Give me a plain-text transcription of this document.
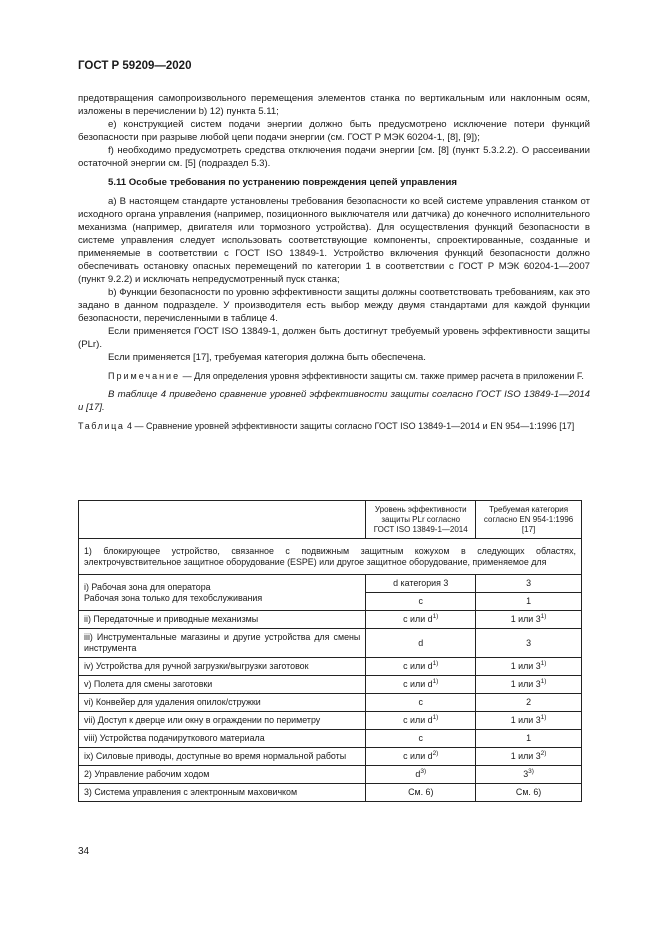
ГОСТ Р 59209—2020

предотвращения самопроизвольного перемещения элементов станка по вертикальным или наклонным осям, изложены в перечислении b) 12) пункта 5.11;

e) конструкцией систем подачи энергии должно быть предусмотрено исключение потери функций безопасности при разрыве любой цепи подачи энергии (см. ГОСТ Р МЭК 60204-1, [8], [9]);

f) необходимо предусмотреть средства отключения подачи энергии [см. [8] (пункт 5.3.2.2). О рассеивании остаточной энергии см. [5] (подраздел 5.3).

5.11 Особые требования по устранению повреждения цепей управления

а) В настоящем стандарте установлены требования безопасности ко всей системе управления станком от исходного органа управления (например, позиционного выключателя или датчика) до конечного исполнительного механизма (например, двигателя или тормозного устройства). Для осуществления функций безопасности в системе управления следует использовать соответствующие компоненты, спроектированные, созданные и применяемые в соответствии с ГОСТ ISO 13849-1. Устройство включения функций безопасности должно обеспечивать остановку опасных перемещений по категории 1 в соответствии с ГОСТ Р МЭК 60204-1—2007 (пункт 9.2.2) и исключать непредусмотренный пуск станка;

b) Функции безопасности по уровню эффективности защиты должны соответствовать требованиям, как это задано в данном подразделе. У производителя есть выбор между двумя стандартами для каждой функции безопасности, перечисленными в таблице 4.

Если применяется ГОСТ ISO 13849-1, должен быть достигнут требуемый уровень эффективности защиты (PLr).

Если применяется [17], требуемая категория должна быть обеспечена.

Примечание — Для определения уровня эффективности защиты см. также пример расчета в приложении F.

В таблице 4 приведено сравнение уровней эффективности защиты согласно ГОСТ ISO 13849-1—2014 и [17].

Таблица 4 — Сравнение уровней эффективности защиты согласно ГОСТ ISO 13849-1—2014 и EN 954—1:1996 [17]

	Уровень эффективности защиты PLr согласно ГОСТ ISO 13849-1—2014	Требуемая категория согласно EN 954-1:1996 [17]
1) блокирующее устройство, связанное с подвижным защитным кожухом в следующих областях, электрочувствительное защитное оборудование (ESPE) или другое защитное оборудование, применяемое для		

i) Рабочая зона для оператора
Рабочая зона только для техобслуживания	d категория 3	3
	c	1
ii) Передаточные и приводные механизмы	c или $d^{1)}$	1 или 3$^{1)}$
iii) Инструментальные магазины и другие устройства для смены инструмента	d	3
iv) Устройства для ручной загрузки/выгрузки заготовок	c или $d^{1)}$	1 или 3$^{1)}$
v) Полета для смены заготовки	c или $d^{1)}$	1 или 3$^{1)}$
vi) Конвейер для удаления опилок/стружки	c	2
vii) Доступ к дверце или окну в ограждении по периметру	c или $d^{1)}$	1 или 3$^{1)}$
viii) Устройства подачируткового материала	c	1
ix) Силовые приводы, доступные во время нормальной работы	c или $d^{2)}$	1 или 3$^{2)}$
2) Управление рабочим ходом	$d^{3)}$	3$^{3)}$
3) Система управления с электронным маховичком	См. 6)	См. 6)
34
